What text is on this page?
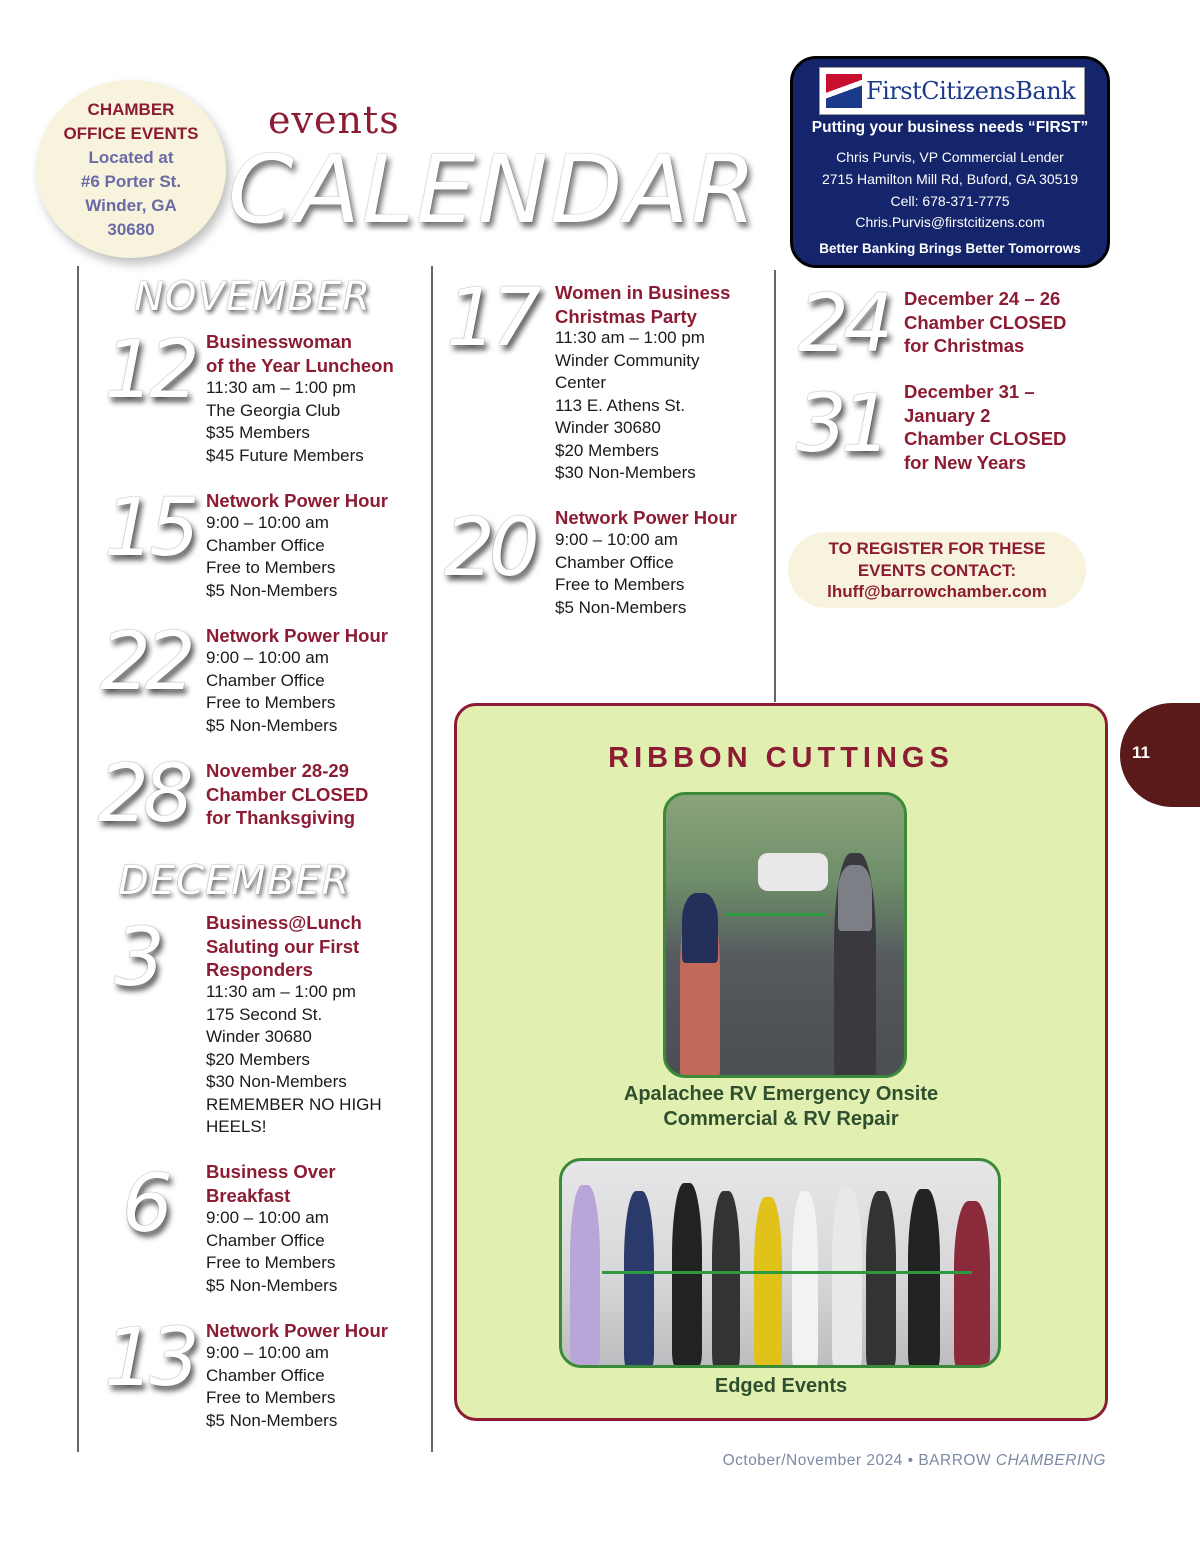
CHAMBER
OFFICE EVENTS
Located at
#6 Porter St.
Winder, GA
30680
events
CALENDAR
FirstCitizensBank
Putting your business needs “FIRST”
Chris Purvis, VP Commercial Lender
2715 Hamilton Mill Rd, Buford, GA 30519
Cell: 678-371-7775
Chris.Purvis@firstcitizens.com
Better Banking Brings Better Tomorrows
NOVEMBER
DECEMBER
12 Businesswoman
of the Year Luncheon
11:30 am – 1:00 pm
The Georgia Club
$35 Members
$45 Future Members
15 Network Power Hour
9:00 – 10:00 am
Chamber Office
Free to Members
$5 Non-Members
22 Network Power Hour
9:00 – 10:00 am
Chamber Office
Free to Members
$5 Non-Members
28 November 28-29
Chamber CLOSED
for Thanksgiving
3	Business@Lunch
Saluting our First
Responders
11:30 am – 1:00 pm
175 Second St.
Winder 30680
$20 Members
$30 Non-Members
REMEMBER NO HIGH
HEELS!
6 Business Over
Breakfast
9:00 – 10:00 am
Chamber Office
Free to Members
$5 Non-Members
13 Network Power Hour
9:00 – 10:00 am
Chamber Office
Free to Members
$5 Non-Members
17 Women in Business
Christmas Party
11:30 am – 1:00 pm
Winder Community
Center
113 E. Athens St.
Winder 30680
$20 Members
$30 Non-Members
20 Network Power Hour
9:00 – 10:00 am
Chamber Office
Free to Members
$5 Non-Members
24 December 24 – 26
Chamber CLOSED
for Christmas
31 December 31 –
January 2
Chamber CLOSED
for New Years
TO REGISTER FOR THESE
EVENTS CONTACT:
lhuff@barrowchamber.com
RIBBON CUTTINGS
Apalachee RV Emergency Onsite
Commercial & RV Repair
Edged Events
11
October/November 2024 • BARROW CHAMBERING
